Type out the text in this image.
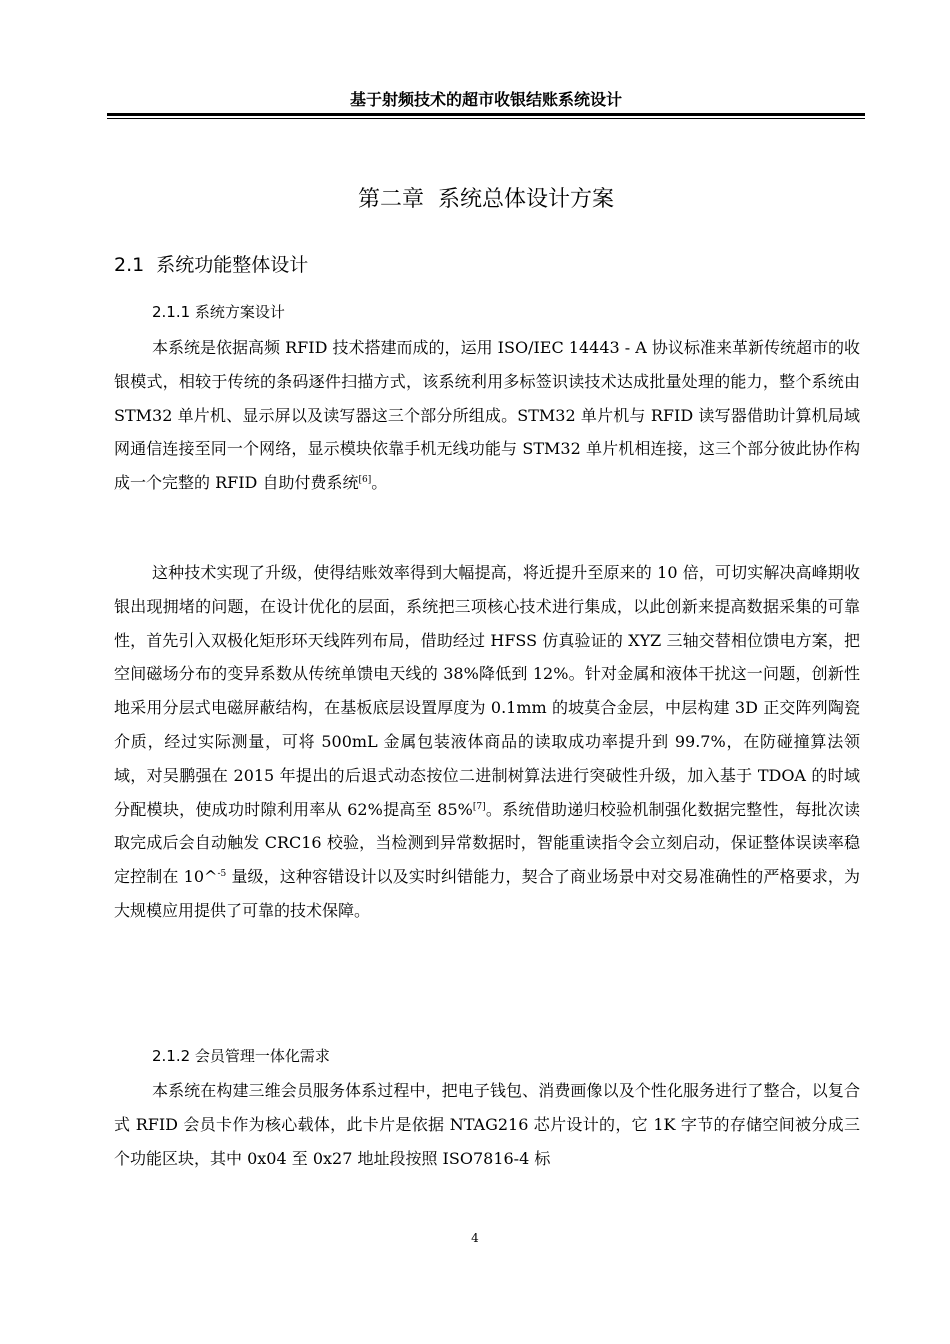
基于射频技术的超市收银结账系统设计
第二章  系统总体设计方案
2.1  系统功能整体设计
2.1.1 系统方案设计

本系统是依据高频 RFID 技术搭建而成的，运用 ISO/IEC 14443 - A 协议标准来革新传统超市的收银模式，相较于传统的条码逐件扫描方式，该系统利用多标签识读技术达成批量处理的能力，整个系统由 STM32 单片机、显示屏以及读写器这三个部分所组成。STM32 单片机与 RFID 读写器借助计算机局域网通信连接至同一个网络，显示模块依靠手机无线功能与 STM32 单片机相连接，这三个部分彼此协作构成一个完整的 RFID 自助付费系统[6]。

这种技术实现了升级，使得结账效率得到大幅提高，将近提升至原来的 10 倍，可切实解决高峰期收银出现拥堵的问题，在设计优化的层面，系统把三项核心技术进行集成，以此创新来提高数据采集的可靠性，首先引入双极化矩形环天线阵列布局，借助经过 HFSS 仿真验证的 XYZ 三轴交替相位馈电方案，把空间磁场分布的变异系数从传统单馈电天线的 38%降低到 12%。针对金属和液体干扰这一问题，创新性地采用分层式电磁屏蔽结构，在基板底层设置厚度为 0.1mm 的坡莫合金层，中层构建 3D 正交阵列陶瓷介质，经过实际测量，可将 500mL 金属包装液体商品的读取成功率提升到 99.7%，在防碰撞算法领域，对吴鹏强在 2015 年提出的后退式动态按位二进制树算法进行突破性升级，加入基于 TDOA 的时域分配模块，使成功时隙利用率从 62%提高至 85%[7]。系统借助递归校验机制强化数据完整性，每批次读取完成后会自动触发 CRC16 校验，当检测到异常数据时，智能重读指令会立刻启动，保证整体误读率稳定控制在 10^$^{-5}$ 量级，这种容错设计以及实时纠错能力，契合了商业场景中对交易准确性的严格要求，为大规模应用提供了可靠的技术保障。

2.1.2 会员管理一体化需求

本系统在构建三维会员服务体系过程中，把电子钱包、消费画像以及个性化服务进行了整合，以复合式 RFID 会员卡作为核心载体，此卡片是依据 NTAG216 芯片设计的，它 1K 字节的存储空间被分成三个功能区块，其中 0x04 至 0x27 地址段按照 ISO7816-4 标

4
